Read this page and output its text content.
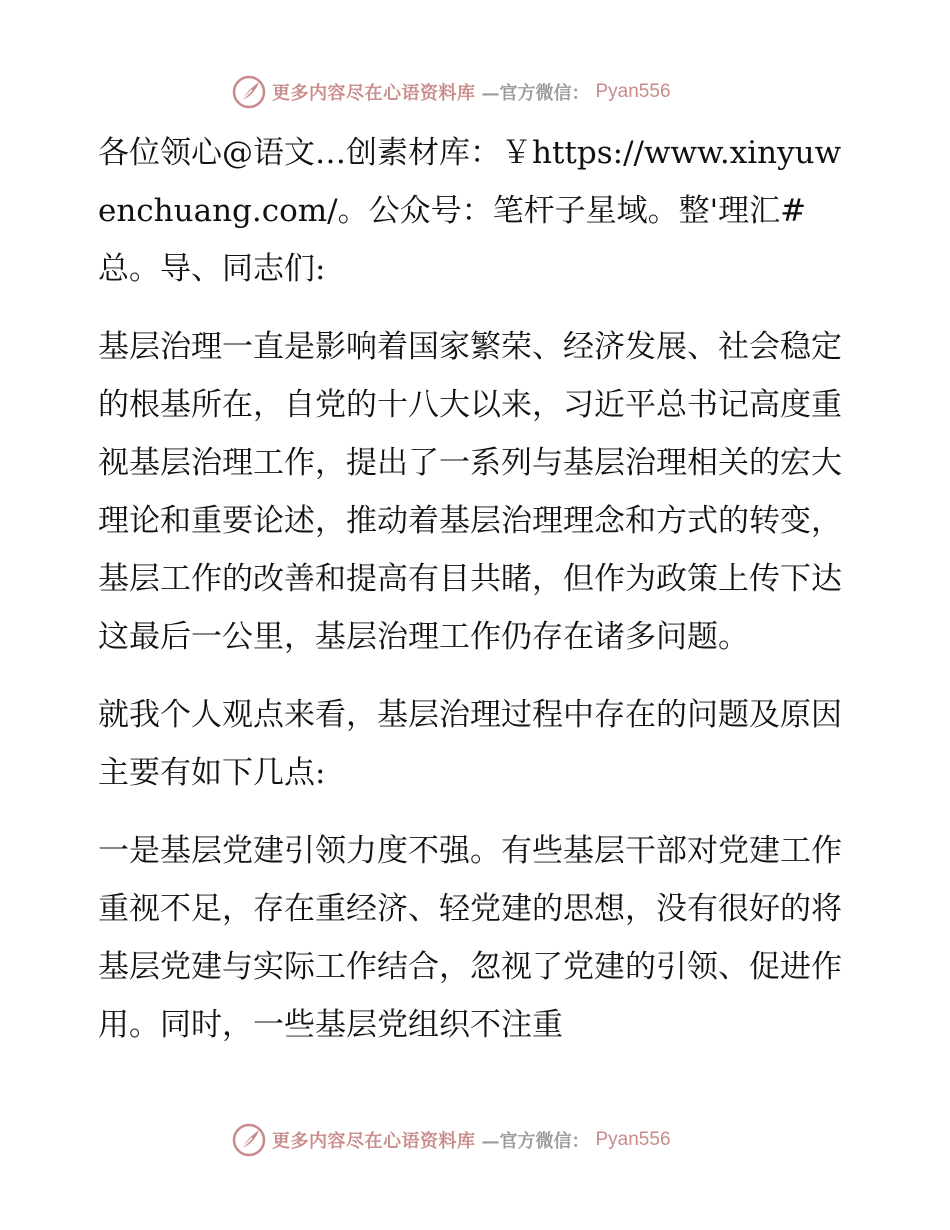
更多内容尽在心语资料库 —官方微信： Pyan556

各位领心@语文…创素材库：￥https://www.xinyuwenchuang.com/。公众号：笔杆子星域。整'理汇#总。导、同志们:

基层治理一直是影响着国家繁荣、经济发展、社会稳定的根基所在，自党的十八大以来，习近平总书记高度重视基层治理工作，提出了一系列与基层治理相关的宏大理论和重要论述，推动着基层治理理念和方式的转变，基层工作的改善和提高有目共睹，但作为政策上传下达这最后一公里，基层治理工作仍存在诸多问题。

就我个人观点来看，基层治理过程中存在的问题及原因主要有如下几点:

一是基层党建引领力度不强。有些基层干部对党建工作重视不足，存在重经济、轻党建的思想，没有很好的将基层党建与实际工作结合，忽视了党建的引领、促进作用。同时，一些基层党组织不注重

更多内容尽在心语资料库 —官方微信： Pyan556
